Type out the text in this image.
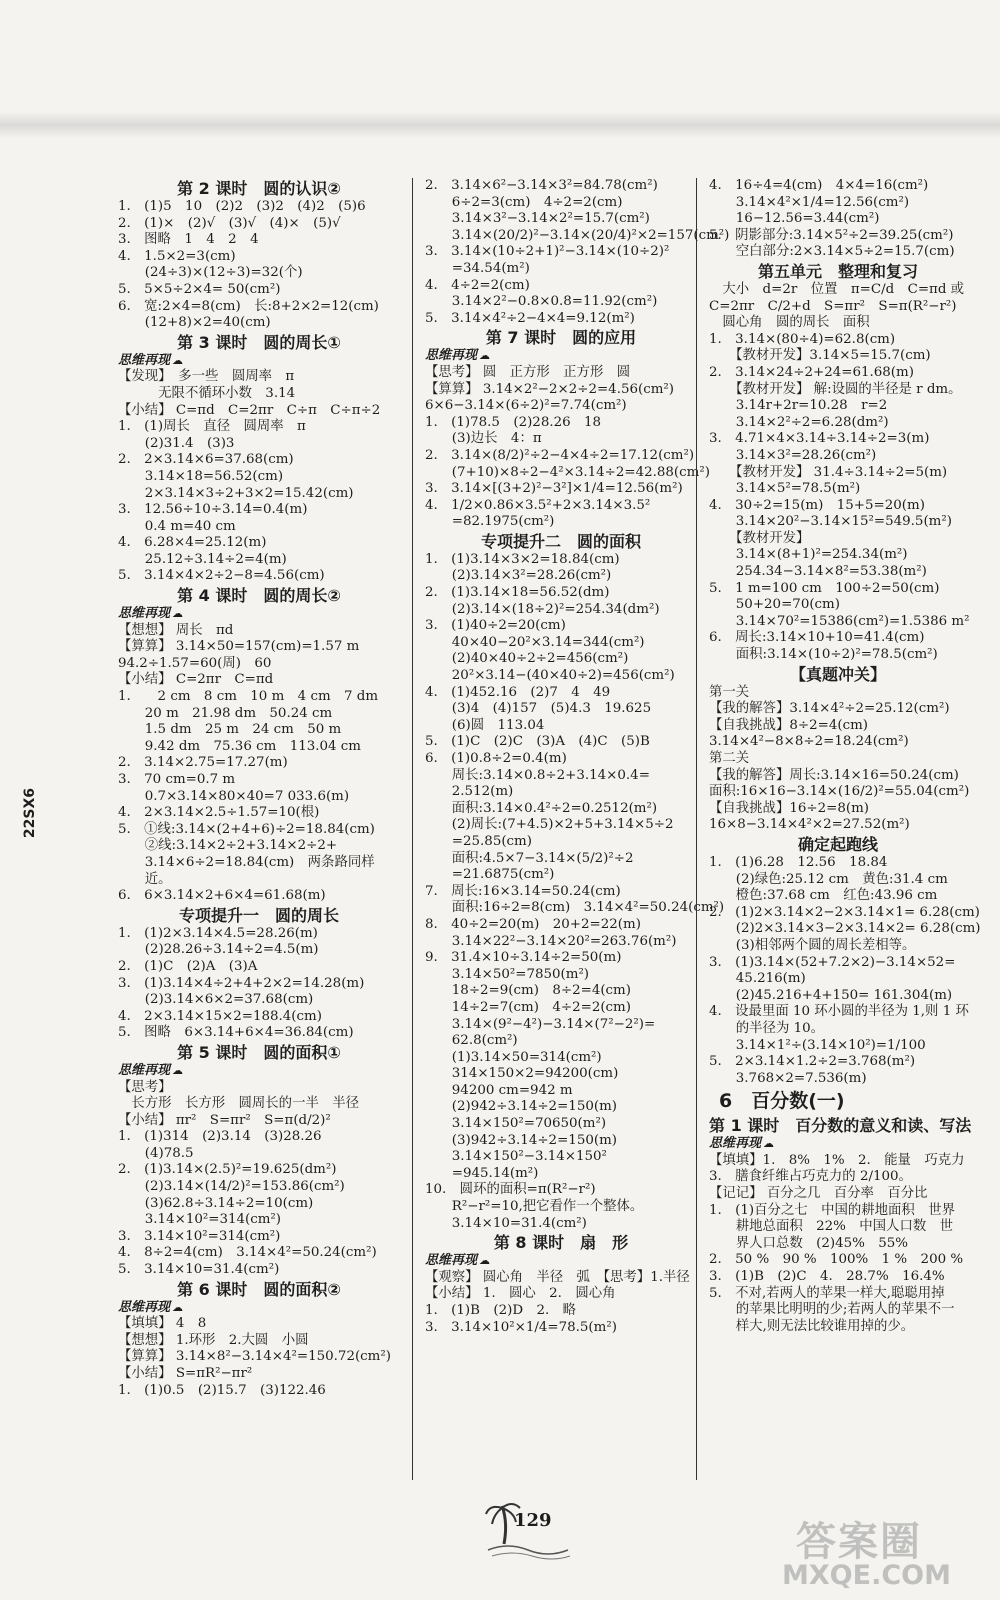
22SX6
第 2 课时　圆的认识②
1.　(1)5　10　(2)2　(3)2　(4)2　(5)6
2.　(1)×　(2)√　(3)√　(4)×　(5)√
3.　图略　1　4　2　4
4.　1.5×2=3(cm)
　　(24÷3)×(12÷3)=32(个)
5.　5×5÷2×4= 50(cm²)
6.　宽:2×4=8(cm)　长:8+2×2=12(cm)
　　(12+8)×2=40(cm)
第 3 课时　圆的周长①
思维再现 ☁
【发现】　多一些　圆周率　π
　　　无限不循环小数　3.14
【小结】 C=πd　C=2πr　C÷π　C÷π÷2
1.　(1)周长　直径　圆周率　π
　　(2)31.4　(3)3
2.　2×3.14×6=37.68(cm)
　　3.14×18=56.52(cm)
　　2×3.14×3÷2+3×2=15.42(cm)
3.　12.56÷10÷3.14=0.4(m)
　　0.4 m=40 cm
4.　6.28×4=25.12(m)
　　25.12÷3.14÷2=4(m)
5.　3.14×4×2÷2−8=4.56(cm)
第 4 课时　圆的周长②
思维再现 ☁
【想想】 周长　πd
【算算】 3.14×50=157(cm)=1.57 m
94.2÷1.57=60(周)　60
【小结】 C=2πr　C=πd
1.　　2 cm　8 cm　10 m　4 cm　7 dm
　　20 m　21.98 dm　50.24 cm
　　1.5 dm　25 m　24 cm　50 m
　　9.42 dm　75.36 cm　113.04 cm
2.　3.14×2.75=17.27(m)
3.　70 cm=0.7 m
　　0.7×3.14×80×40=7 033.6(m)
4.　2×3.14×2.5÷1.57=10(根)
5.　①线:3.14×(2+4+6)÷2=18.84(cm)
　　②线:3.14×2÷2+3.14×2÷2+
　　3.14×6÷2=18.84(cm)　两条路同样
　　近。
6.　6×3.14×2+6×4=61.68(m)
专项提升一　圆的周长
1.　(1)2×3.14×4.5=28.26(m)
　　(2)28.26÷3.14÷2=4.5(m)
2.　(1)C　(2)A　(3)A
3.　(1)3.14×4÷2+4+2×2=14.28(m)
　　(2)3.14×6×2=37.68(cm)
4.　2×3.14×15×2=188.4(cm)
5.　图略　6×3.14+6×4=36.84(cm)
第 5 课时　圆的面积①
思维再现 ☁
【思考】
　长方形　长方形　圆周长的一半　半径
【小结】 πr²　S=πr²　S=π(d/2)²
1.　(1)314　(2)3.14　(3)28.26
　　(4)78.5
2.　(1)3.14×(2.5)²=19.625(dm²)
　　(2)3.14×(14/2)²=153.86(cm²)
　　(3)62.8÷3.14÷2=10(cm)
　　3.14×10²=314(cm²)
3.　3.14×10²=314(cm²)
4.　8÷2=4(cm)　3.14×4²=50.24(cm²)
5.　3.14×10=31.4(cm²)
第 6 课时　圆的面积②
思维再现 ☁
【填填】 4　8
【想想】 1.环形　2.大圆　小圆
【算算】 3.14×8²−3.14×4²=150.72(cm²)
【小结】 S=πR²−πr²
1.　(1)0.5　(2)15.7　(3)122.46
2.　3.14×6²−3.14×3²=84.78(cm²)
　　6÷2=3(cm)　4÷2=2(cm)
　　3.14×3²−3.14×2²=15.7(cm²)
　　3.14×(20/2)²−3.14×(20/4)²×2=157(cm²)
3.　3.14×(10÷2+1)²−3.14×(10÷2)²
　　=34.54(m²)
4.　4÷2=2(cm)
　　3.14×2²−0.8×0.8=11.92(cm²)
5.　3.14×4²÷2−4×4=9.12(m²)
第 7 课时　圆的应用
思维再现 ☁
【思考】 圆　正方形　正方形　圆
【算算】 3.14×2²−2×2÷2=4.56(cm²)
6×6−3.14×(6÷2)²=7.74(cm²)
1.　(1)78.5　(2)28.26　18
　　(3)边长　4：π
2.　3.14×(8/2)²÷2−4×4÷2=17.12(cm²)
　　(7+10)×8÷2−4²×3.14÷2=42.88(cm²)
3.　3.14×[(3+2)²−3²]×1/4=12.56(m²)
4.　1/2×0.86×3.5²+2×3.14×3.5²
　　=82.1975(cm²)
专项提升二　圆的面积
1.　(1)3.14×3×2=18.84(cm)
　　(2)3.14×3²=28.26(cm²)
2.　(1)3.14×18=56.52(dm)
　　(2)3.14×(18÷2)²=254.34(dm²)
3.　(1)40÷2=20(cm)
　　40×40−20²×3.14=344(cm²)
　　(2)40×40÷2÷2=456(cm²)
　　20²×3.14−(40×40÷2)=456(cm²)
4.　(1)452.16　(2)7　4　49
　　(3)4　(4)157　(5)4.3　19.625
　　(6)圆　113.04
5.　(1)C　(2)C　(3)A　(4)C　(5)B
6.　(1)0.8÷2=0.4(m)
　　周长:3.14×0.8÷2+3.14×0.4=
　　2.512(m)
　　面积:3.14×0.4²÷2=0.2512(m²)
　　(2)周长:(7+4.5)×2+5+3.14×5÷2
　　=25.85(cm)
　　面积:4.5×7−3.14×(5/2)²÷2
　　=21.6875(cm²)
7.　周长:16×3.14=50.24(cm)
　　面积:16÷2=8(cm)　3.14×4²=50.24(cm²)
8.　40÷2=20(m)　20+2=22(m)
　　3.14×22²−3.14×20²=263.76(m²)
9.　31.4×10÷3.14÷2=50(m)
　　3.14×50²=7850(m²)
　　18÷2=9(cm)　8÷2=4(cm)
　　14÷2=7(cm)　4÷2=2(cm)
　　3.14×(9²−4²)−3.14×(7²−2²)=
　　62.8(cm²)
　　(1)3.14×50=314(cm²)
　　314×150×2=94200(cm)
　　94200 cm=942 m
　　(2)942÷3.14÷2=150(m)
　　3.14×150²=70650(m²)
　　(3)942÷3.14÷2=150(m)
　　3.14×150²−3.14×150²
　　=945.14(m²)
10.　圆环的面积=π(R²−r²)
　　R²−r²=10,把它看作一个整体。
　　3.14×10=31.4(cm²)
第 8 课时　扇　形
思维再现 ☁
【观察】 圆心角　半径　弧　【思考】1.半径
【小结】 1.　圆心　2.　圆心角
1.　(1)B　(2)D　2.　略
3.　3.14×10²×1/4=78.5(m²)
4.　16÷4=4(cm)　4×4=16(cm²)
　　3.14×4²×1/4=12.56(cm²)
　　16−12.56=3.44(cm²)
5.　阴影部分:3.14×5²÷2=39.25(cm²)
　　空白部分:2×3.14×5÷2=15.7(cm)
第五单元　整理和复习
　大小　d=2r　位置　π=C/d　C=πd 或
C=2πr　C/2+d　S=πr²　S=π(R²−r²)
　圆心角　圆的周长　面积
1.　3.14×(80÷4)=62.8(cm)
　　【教材开发】3.14×5=15.7(cm)
2.　3.14×24÷2+24=61.68(m)
　　【教材开发】 解:设圆的半径是 r dm。
　　3.14r+2r=10.28　r=2
　　3.14×2²÷2=6.28(dm²)
3.　4.71×4×3.14÷3.14÷2=3(m)
　　3.14×3²=28.26(cm²)
　　【教材开发】 31.4÷3.14÷2=5(m)
　　3.14×5²=78.5(m²)
4.　30÷2=15(m)　15+5=20(m)
　　3.14×20²−3.14×15²=549.5(m²)
　　【教材开发】
　　3.14×(8+1)²=254.34(m²)
　　254.34−3.14×8²=53.38(m²)
5.　1 m=100 cm　100÷2=50(cm)
　　50+20=70(cm)
　　3.14×70²=15386(cm²)=1.5386 m²
6.　周长:3.14×10+10=41.4(cm)
　　面积:3.14×(10÷2)²=78.5(cm²)
【真题冲关】
第一关
【我的解答】3.14×4²÷2=25.12(cm²)
【自我挑战】8÷2=4(cm)
3.14×4²−8×8÷2=18.24(cm²)
第二关
【我的解答】周长:3.14×16=50.24(cm)
面积:16×16−3.14×(16/2)²=55.04(cm²)
【自我挑战】16÷2=8(m)
16×8−3.14×4²×2=27.52(m²)
确定起跑线
1.　(1)6.28　12.56　18.84
　　(2)绿色:25.12 cm　黄色:31.4 cm
　　橙色:37.68 cm　红色:43.96 cm
2.　(1)2×3.14×2−2×3.14×1= 6.28(cm)
　　(2)2×3.14×3−2×3.14×2= 6.28(cm)
　　(3)相邻两个圆的周长差相等。
3.　(1)3.14×(52+7.2×2)−3.14×52=
　　45.216(m)
　　(2)45.216+4+150= 161.304(m)
4.　设最里面 10 环小圆的半径为 1,则 1 环
　　的半径为 10。
　　3.14×1²÷(3.14×10²)=1/100
5.　2×3.14×1.2÷2=3.768(m²)
　　3.768×2=7.536(m)
6　百分数(一)
第 1 课时　百分数的意义和读、写法
思维再现 ☁
【填填】1.　8%　1%　2.　能量　巧克力
3.　膳食纤维占巧克力的 2/100。
【记记】 百分之几　百分率　百分比
1.　(1)百分之七　中国的耕地面积　世界
　　耕地总面积　22%　中国人口数　世
　　界人口总数　(2)45%　55%
2.　50 %　90 %　100%　1 %　200 %
3.　(1)B　(2)C　4.　28.7%　16.4%
5.　不对,若两人的苹果一样大,聪聪用掉
　　的苹果比明明的少;若两人的苹果不一
　　样大,则无法比较谁用掉的少。
129	答案圈
MXQE.COM
